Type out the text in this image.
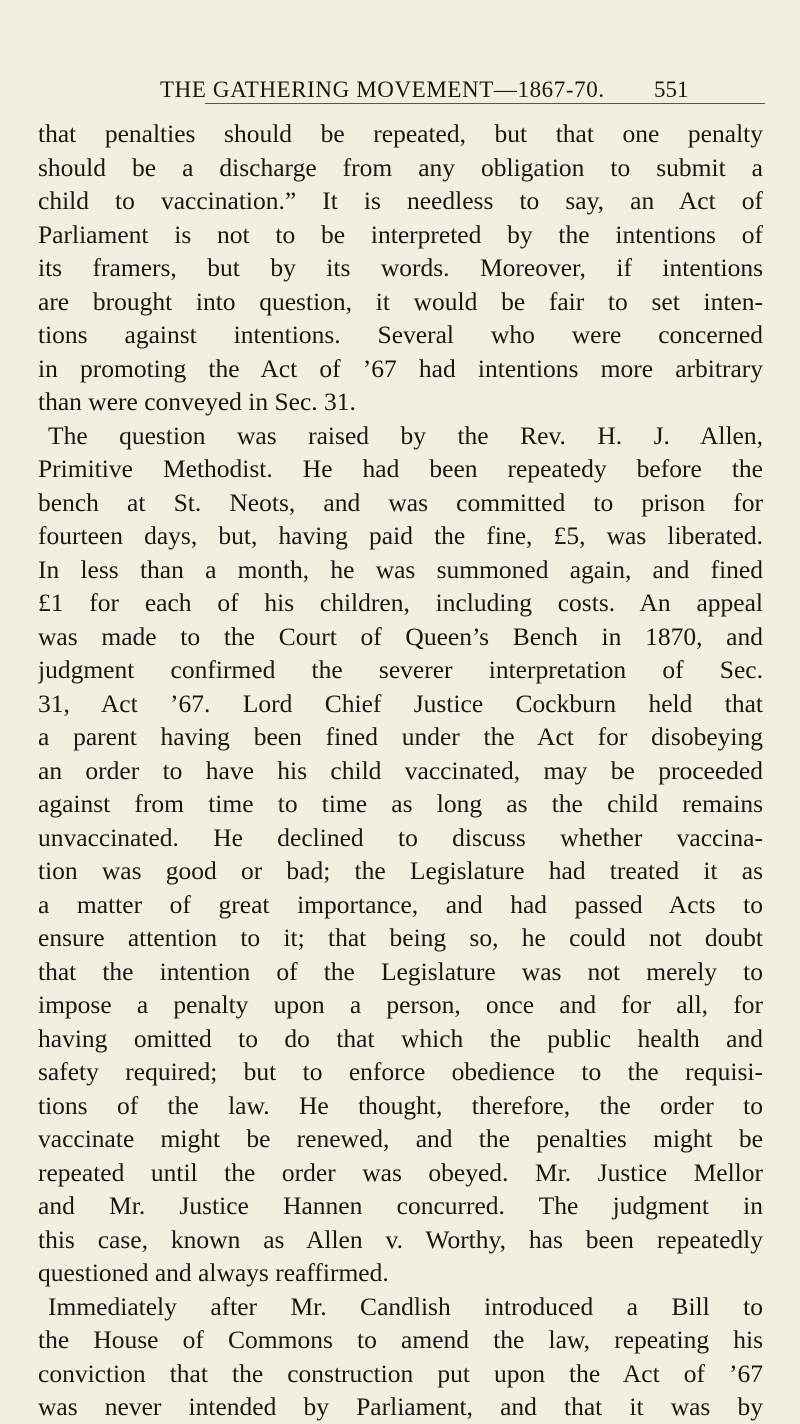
THE GATHERING MOVEMENT—1867-70. 551
that penalties should be repeated, but that one penalty
should be a discharge from any obligation to submit a
child to vaccination.” It is needless to say, an Act of
Parliament is not to be interpreted by the intentions of
its framers, but by its words. Moreover, if intentions
are brought into question, it would be fair to set inten-
tions against intentions. Several who were concerned
in promoting the Act of ’67 had intentions more arbitrary
than were conveyed in Sec. 31.
The question was raised by the Rev. H. J. Allen,
Primitive Methodist. He had been repeatedy before the
bench at St. Neots, and was committed to prison for
fourteen days, but, having paid the fine, £5, was liberated.
In less than a month, he was summoned again, and fined
£1 for each of his children, including costs. An appeal
was made to the Court of Queen’s Bench in 1870, and
judgment confirmed the severer interpretation of Sec.
31, Act ’67. Lord Chief Justice Cockburn held that
a parent having been fined under the Act for disobeying
an order to have his child vaccinated, may be proceeded
against from time to time as long as the child remains
unvaccinated. He declined to discuss whether vaccina-
tion was good or bad; the Legislature had treated it as
a matter of great importance, and had passed Acts to
ensure attention to it; that being so, he could not doubt
that the intention of the Legislature was not merely to
impose a penalty upon a person, once and for all, for
having omitted to do that which the public health and
safety required; but to enforce obedience to the requisi-
tions of the law. He thought, therefore, the order to
vaccinate might be renewed, and the penalties might be
repeated until the order was obeyed. Mr. Justice Mellor
and Mr. Justice Hannen concurred. The judgment in
this case, known as Allen v. Worthy, has been repeatedly
questioned and always reaffirmed.
Immediately after Mr. Candlish introduced a Bill to
the House of Commons to amend the law, repeating his
conviction that the construction put upon the Act of ’67
was never intended by Parliament, and that it was by
